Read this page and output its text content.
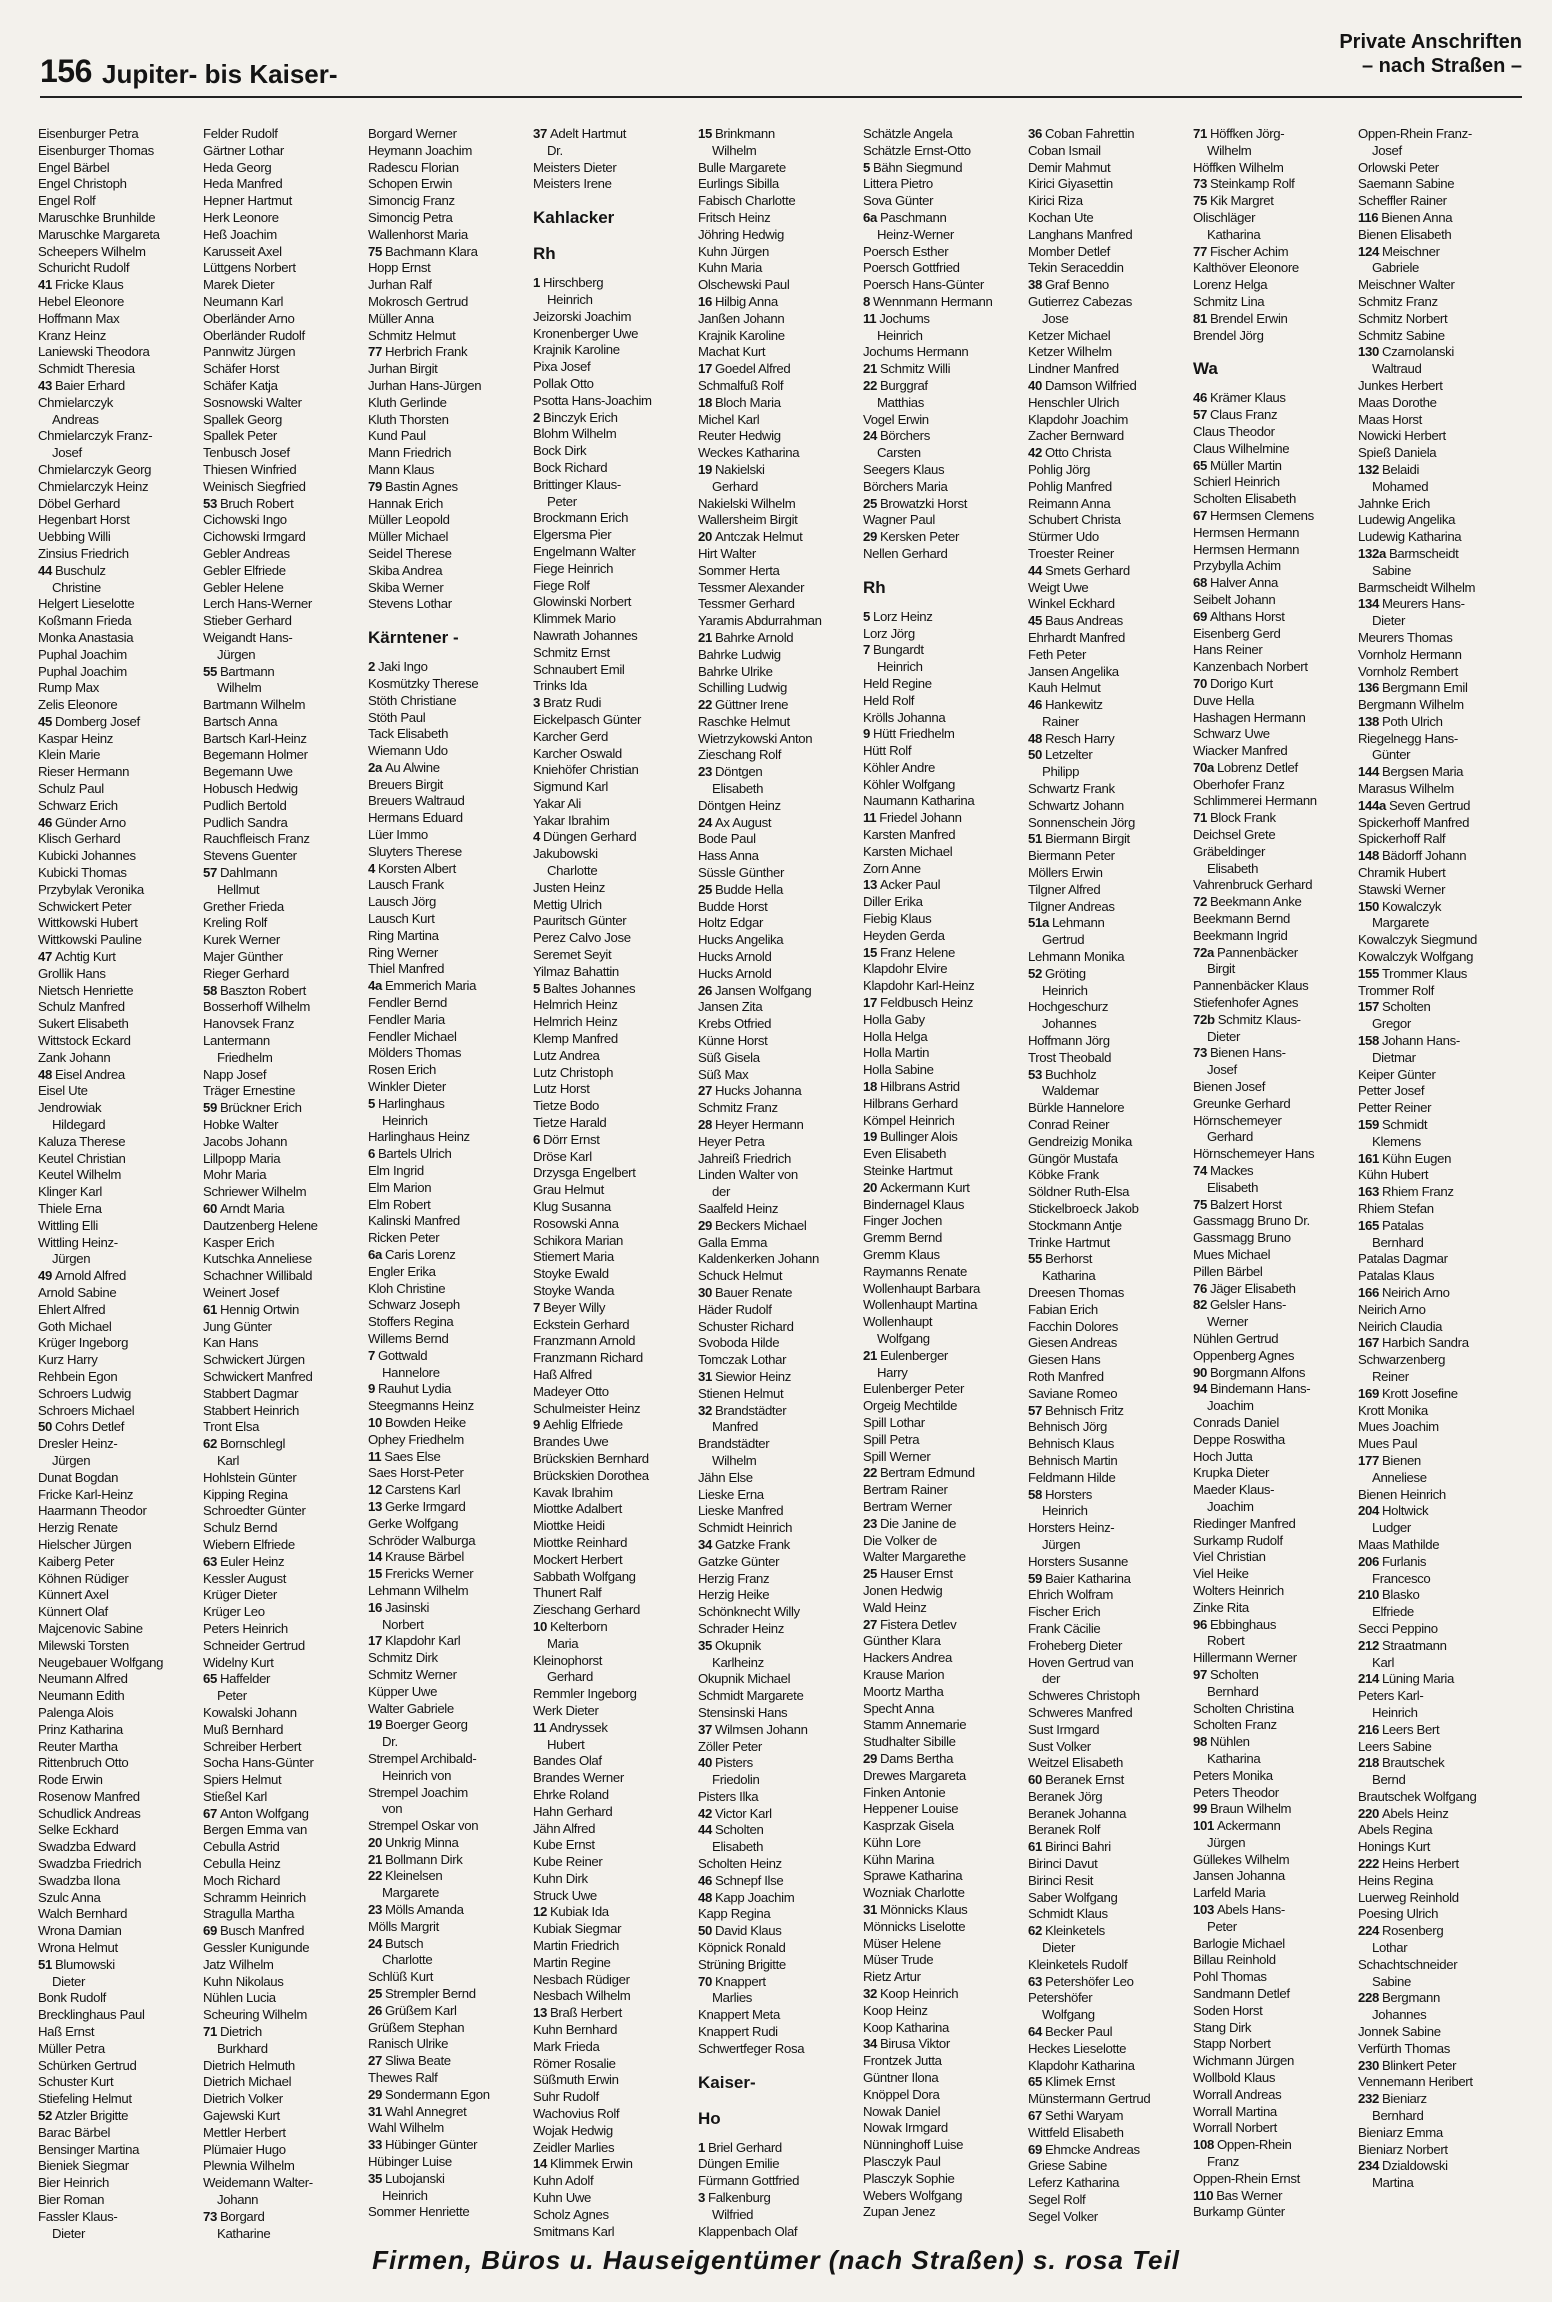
156 Jupiter- bis Kaiser-
Private Anschriften
– nach Straßen –
Eisenburger Petra
Eisenburger Thomas
Engel Bärbel
Engel Christoph
Engel Rolf
Maruschke Brunhilde
Maruschke Margareta
Scheepers Wilhelm
Schuricht Rudolf
41 Fricke Klaus
Hebel Eleonore
Hoffmann Max
Kranz Heinz
Laniewski Theodora
Schmidt Theresia
43 Baier Erhard
Chmielarczyk
Andreas
Chmielarczyk Franz-
Josef
Chmielarczyk Georg
Chmielarczyk Heinz
Döbel Gerhard
Hegenbart Horst
Uebbing Willi
Zinsius Friedrich
44 Buschulz
Christine
Helgert Lieselotte
Koßmann Frieda
Monka Anastasia
Puphal Joachim
Puphal Joachim
Rump Max
Zelis Eleonore
45 Domberg Josef
Kaspar Heinz
Klein Marie
Rieser Hermann
Schulz Paul
Schwarz Erich
46 Günder Arno
Klisch Gerhard
Kubicki Johannes
Kubicki Thomas
Przybylak Veronika
Schwickert Peter
Wittkowski Hubert
Wittkowski Pauline
47 Achtig Kurt
Grollik Hans
Nietsch Henriette
Schulz Manfred
Sukert Elisabeth
Wittstock Eckard
Zank Johann
48 Eisel Andrea
Eisel Ute
Jendrowiak
Hildegard
Kaluza Therese
Keutel Christian
Keutel Wilhelm
Klinger Karl
Thiele Erna
Wittling Elli
Wittling Heinz-
Jürgen
49 Arnold Alfred
Arnold Sabine
Ehlert Alfred
Goth Michael
Krüger Ingeborg
Kurz Harry
Rehbein Egon
Schroers Ludwig
Schroers Michael
50 Cohrs Detlef
Dresler Heinz-
Jürgen
Dunat Bogdan
Fricke Karl-Heinz
Haarmann Theodor
Herzig Renate
Hielscher Jürgen
Kaiberg Peter
Köhnen Rüdiger
Künnert Axel
Künnert Olaf
Majcenovic Sabine
Milewski Torsten
Neugebauer Wolfgang
Neumann Alfred
Neumann Edith
Palenga Alois
Prinz Katharina
Reuter Martha
Rittenbruch Otto
Rode Erwin
Rosenow Manfred
Schudlick Andreas
Selke Eckhard
Swadzba Edward
Swadzba Friedrich
Swadzba Ilona
Szulc Anna
Walch Bernhard
Wrona Damian
Wrona Helmut
51 Blumowski
Dieter
Bonk Rudolf
Brecklinghaus Paul
Haß Ernst
Müller Petra
Schürken Gertrud
Schuster Kurt
Stiefeling Helmut
52 Atzler Brigitte
Barac Bärbel
Bensinger Martina
Bieniek Siegmar
Bier Heinrich
Bier Roman
Fassler Klaus-
Dieter
Felder Rudolf
Gärtner Lothar
Heda Georg
Heda Manfred
Hepner Hartmut
Herk Leonore
Heß Joachim
Karusseit Axel
Lüttgens Norbert
Marek Dieter
Neumann Karl
Oberländer Arno
Oberländer Rudolf
Pannwitz Jürgen
Schäfer Horst
Schäfer Katja
Sosnowski Walter
Spallek Georg
Spallek Peter
Tenbusch Josef
Thiesen Winfried
Weinisch Siegfried
53 Bruch Robert
Cichowski Ingo
Cichowski Irmgard
Gebler Andreas
Gebler Elfriede
Gebler Helene
Lerch Hans-Werner
Stieber Gerhard
Weigandt Hans-
Jürgen
55 Bartmann
Wilhelm
Bartmann Wilhelm
Bartsch Anna
Bartsch Karl-Heinz
Begemann Holmer
Begemann Uwe
Hobusch Hedwig
Pudlich Bertold
Pudlich Sandra
Rauchfleisch Franz
Stevens Guenter
57 Dahlmann
Hellmut
Grether Frieda
Kreling Rolf
Kurek Werner
Majer Günther
Rieger Gerhard
58 Baszton Robert
Bosserhoff Wilhelm
Hanovsek Franz
Lantermann
Friedhelm
Napp Josef
Träger Ernestine
59 Brückner Erich
Hobke Walter
Jacobs Johann
Lillpopp Maria
Mohr Maria
Schriewer Wilhelm
60 Arndt Maria
Dautzenberg Helene
Kasper Erich
Kutschka Anneliese
Schachner Willibald
Weinert Josef
61 Hennig Ortwin
Jung Günter
Kan Hans
Schwickert Jürgen
Schwickert Manfred
Stabbert Dagmar
Stabbert Heinrich
Tront Elsa
62 Bornschlegl
Karl
Hohlstein Günter
Kipping Regina
Schroedter Günter
Schulz Bernd
Wiebern Elfriede
63 Euler Heinz
Kessler August
Krüger Dieter
Krüger Leo
Peters Heinrich
Schneider Gertrud
Widelny Kurt
65 Haffelder
Peter
Kowalski Johann
Muß Bernhard
Schreiber Herbert
Socha Hans-Günter
Spiers Helmut
Stießel Karl
67 Anton Wolfgang
Bergen Emma van
Cebulla Astrid
Cebulla Heinz
Moch Richard
Schramm Heinrich
Stragulla Martha
69 Busch Manfred
Gessler Kunigunde
Jatz Wilhelm
Kuhn Nikolaus
Nühlen Lucia
Scheuring Wilhelm
71 Dietrich
Burkhard
Dietrich Helmuth
Dietrich Michael
Dietrich Volker
Gajewski Kurt
Mettler Herbert
Plümaier Hugo
Plewnia Wilhelm
Weidemann Walter-
Johann
73 Borgard
Katharine
Borgard Werner
Heymann Joachim
Radescu Florian
Schopen Erwin
Simoncig Franz
Simoncig Petra
Wallenhorst Maria
75 Bachmann Klara
Hopp Ernst
Jurhan Ralf
Mokrosch Gertrud
Müller Anna
Schmitz Helmut
77 Herbrich Frank
Jurhan Birgit
Jurhan Hans-Jürgen
Kluth Gerlinde
Kluth Thorsten
Kund Paul
Mann Friedrich
Mann Klaus
79 Bastin Agnes
Hannak Erich
Müller Leopold
Müller Michael
Seidel Therese
Skiba Andrea
Skiba Werner
Stevens Lothar
Kärntener -
2 Jaki Ingo
Kosmützky Therese
Stöth Christiane
Stöth Paul
Tack Elisabeth
Wiemann Udo
2a Au Alwine
Breuers Birgit
Breuers Waltraud
Hermans Eduard
Lüer Immo
Sluyters Therese
4 Korsten Albert
Lausch Frank
Lausch Jörg
Lausch Kurt
Ring Martina
Ring Werner
Thiel Manfred
4a Emmerich Maria
Fendler Bernd
Fendler Maria
Fendler Michael
Mölders Thomas
Rosen Erich
Winkler Dieter
5 Harlinghaus
Heinrich
Harlinghaus Heinz
6 Bartels Ulrich
Elm Ingrid
Elm Marion
Elm Robert
Kalinski Manfred
Ricken Peter
6a Caris Lorenz
Engler Erika
Kloh Christine
Schwarz Joseph
Stoffers Regina
Willems Bernd
7 Gottwald
Hannelore
9 Rauhut Lydia
Steegmanns Heinz
10 Bowden Heike
Ophey Friedhelm
11 Saes Else
Saes Horst-Peter
12 Carstens Karl
13 Gerke Irmgard
Gerke Wolfgang
Schröder Walburga
14 Krause Bärbel
15 Frericks Werner
Lehmann Wilhelm
16 Jasinski
Norbert
17 Klapdohr Karl
Schmitz Dirk
Schmitz Werner
Küpper Uwe
Walter Gabriele
19 Boerger Georg
Dr.
Strempel Archibald-
Heinrich von
Strempel Joachim
von
Strempel Oskar von
20 Unkrig Minna
21 Bollmann Dirk
22 Kleinelsen
Margarete
23 Mölls Amanda
Mölls Margrit
24 Butsch
Charlotte
Schlüß Kurt
25 Strempler Bernd
26 Grüßem Karl
Grüßem Stephan
Ranisch Ulrike
27 Sliwa Beate
Thewes Ralf
29 Sondermann Egon
31 Wahl Annegret
Wahl Wilhelm
33 Hübinger Günter
Hübinger Luise
35 Lubojanski
Heinrich
Sommer Henriette
37 Adelt Hartmut
Dr.
Meisters Dieter
Meisters Irene
Kahlacker
Rh
1 Hirschberg
Heinrich
Jeizorski Joachim
Kronenberger Uwe
Krajnik Karoline
Pixa Josef
Pollak Otto
Psotta Hans-Joachim
2 Binczyk Erich
Blohm Wilhelm
Bock Dirk
Bock Richard
Brittinger Klaus-
Peter
Brockmann Erich
Elgersma Pier
Engelmann Walter
Fiege Heinrich
Fiege Rolf
Glowinski Norbert
Klimmek Mario
Nawrath Johannes
Schmitz Ernst
Schnaubert Emil
Trinks Ida
3 Bratz Rudi
Eickelpasch Günter
Karcher Gerd
Karcher Oswald
Kniehöfer Christian
Sigmund Karl
Yakar Ali
Yakar Ibrahim
4 Düngen Gerhard
Jakubowski
Charlotte
Justen Heinz
Mettig Ulrich
Pauritsch Günter
Perez Calvo Jose
Seremet Seyit
Yilmaz Bahattin
5 Baltes Johannes
Helmrich Heinz
Helmrich Heinz
Klemp Manfred
Lutz Andrea
Lutz Christoph
Lutz Horst
Tietze Bodo
Tietze Harald
6 Dörr Ernst
Dröse Karl
Drzysga Engelbert
Grau Helmut
Klug Susanna
Rosowski Anna
Schikora Marian
Stiemert Maria
Stoyke Ewald
Stoyke Wanda
7 Beyer Willy
Eckstein Gerhard
Franzmann Arnold
Franzmann Richard
Haß Alfred
Madeyer Otto
Schulmeister Heinz
9 Aehlig Elfriede
Brandes Uwe
Brückskien Bernhard
Brückskien Dorothea
Kavak Ibrahim
Miottke Adalbert
Miottke Heidi
Miottke Reinhard
Mockert Herbert
Sabbath Wolfgang
Thunert Ralf
Zieschang Gerhard
10 Kelterborn
Maria
Kleinophorst
Gerhard
Remmler Ingeborg
Werk Dieter
11 Andryssek
Hubert
Bandes Olaf
Brandes Werner
Ehrke Roland
Hahn Gerhard
Jähn Alfred
Kube Ernst
Kube Reiner
Kuhn Dirk
Struck Uwe
12 Kubiak Ida
Kubiak Siegmar
Martin Friedrich
Martin Regine
Nesbach Rüdiger
Nesbach Wilhelm
13 Braß Herbert
Kuhn Bernhard
Mark Frieda
Römer Rosalie
Süßmuth Erwin
Suhr Rudolf
Wachovius Rolf
Wojak Hedwig
Zeidler Marlies
14 Klimmek Erwin
Kuhn Adolf
Kuhn Uwe
Scholz Agnes
Smitmans Karl
15 Brinkmann
Wilhelm
Bulle Margarete
Eurlings Sibilla
Fabisch Charlotte
Fritsch Heinz
Jöhring Hedwig
Kuhn Jürgen
Kuhn Maria
Olschewski Paul
16 Hilbig Anna
Janßen Johann
Krajnik Karoline
Machat Kurt
17 Goedel Alfred
Schmalfuß Rolf
18 Bloch Maria
Michel Karl
Reuter Hedwig
Weckes Katharina
19 Nakielski
Gerhard
Nakielski Wilhelm
Wallersheim Birgit
20 Antczak Helmut
Hirt Walter
Sommer Herta
Tessmer Alexander
Tessmer Gerhard
Yaramis Abdurrahman
21 Bahrke Arnold
Bahrke Ludwig
Bahrke Ulrike
Schilling Ludwig
22 Güttner Irene
Raschke Helmut
Wietrzykowski Anton
Zieschang Rolf
23 Döntgen
Elisabeth
Döntgen Heinz
24 Ax August
Bode Paul
Hass Anna
Süssle Günther
25 Budde Hella
Budde Horst
Holtz Edgar
Hucks Angelika
Hucks Arnold
Hucks Arnold
26 Jansen Wolfgang
Jansen Zita
Krebs Otfried
Künne Horst
Süß Gisela
Süß Max
27 Hucks Johanna
Schmitz Franz
28 Heyer Hermann
Heyer Petra
Jahreiß Friedrich
Linden Walter von
der
Saalfeld Heinz
29 Beckers Michael
Galla Emma
Kaldenkerken Johann
Schuck Helmut
30 Bauer Renate
Häder Rudolf
Schuster Richard
Svoboda Hilde
Tomczak Lothar
31 Siewior Heinz
Stienen Helmut
32 Brandstädter
Manfred
Brandstädter
Wilhelm
Jähn Else
Lieske Erna
Lieske Manfred
Schmidt Heinrich
34 Gatzke Frank
Gatzke Günter
Herzig Franz
Herzig Heike
Schönknecht Willy
Schrader Heinz
35 Okupnik
Karlheinz
Okupnik Michael
Schmidt Margarete
Stensinski Hans
37 Wilmsen Johann
Zöller Peter
40 Pisters
Friedolin
Pisters Ilka
42 Victor Karl
44 Scholten
Elisabeth
Scholten Heinz
46 Schnepf Ilse
48 Kapp Joachim
Kapp Regina
50 David Klaus
Köpnick Ronald
Strüning Brigitte
70 Knappert
Marlies
Knappert Meta
Knappert Rudi
Schwertfeger Rosa
Kaiser-
Ho
1 Briel Gerhard
Düngen Emilie
Fürmann Gottfried
3 Falkenburg
Wilfried
Klappenbach Olaf
Schätzle Angela
Schätzle Ernst-Otto
5 Bähn Siegmund
Littera Pietro
Sova Günter
6a Paschmann
Heinz-Werner
Poersch Esther
Poersch Gottfried
Poersch Hans-Günter
8 Wennmann Hermann
11 Jochums
Heinrich
Jochums Hermann
21 Schmitz Willi
22 Burggraf
Matthias
Vogel Erwin
24 Börchers
Carsten
Seegers Klaus
Börchers Maria
25 Browatzki Horst
Wagner Paul
29 Kersken Peter
Nellen Gerhard
Rh
5 Lorz Heinz
Lorz Jörg
7 Bungardt
Heinrich
Held Regine
Held Rolf
Krölls Johanna
9 Hütt Friedhelm
Hütt Rolf
Köhler Andre
Köhler Wolfgang
Naumann Katharina
11 Friedel Johann
Karsten Manfred
Karsten Michael
Zorn Anne
13 Acker Paul
Diller Erika
Fiebig Klaus
Heyden Gerda
15 Franz Helene
Klapdohr Elvire
Klapdohr Karl-Heinz
17 Feldbusch Heinz
Holla Gaby
Holla Helga
Holla Martin
Holla Sabine
18 Hilbrans Astrid
Hilbrans Gerhard
Kömpel Heinrich
19 Bullinger Alois
Even Elisabeth
Steinke Hartmut
20 Ackermann Kurt
Bindernagel Klaus
Finger Jochen
Gremm Bernd
Gremm Klaus
Raymanns Renate
Wollenhaupt Barbara
Wollenhaupt Martina
Wollenhaupt
Wolfgang
21 Eulenberger
Harry
Eulenberger Peter
Orgeig Mechtilde
Spill Lothar
Spill Petra
Spill Werner
22 Bertram Edmund
Bertram Rainer
Bertram Werner
23 Die Janine de
Die Volker de
Walter Margarethe
25 Hauser Ernst
Jonen Hedwig
Wald Heinz
27 Fistera Detlev
Günther Klara
Hackers Andrea
Krause Marion
Moortz Martha
Specht Anna
Stamm Annemarie
Studhalter Sibille
29 Dams Bertha
Drewes Margareta
Finken Antonie
Heppener Louise
Kasprzak Gisela
Kühn Lore
Kühn Marina
Sprawe Katharina
Wozniak Charlotte
31 Mönnicks Klaus
Mönnicks Liselotte
Müser Helene
Müser Trude
Rietz Artur
32 Koop Heinrich
Koop Heinz
Koop Katharina
34 Birusa Viktor
Frontzek Jutta
Güntner Ilona
Knöppel Dora
Nowak Daniel
Nowak Irmgard
Nünninghoff Luise
Plasczyk Paul
Plasczyk Sophie
Webers Wolfgang
Zupan Jenez
36 Coban Fahrettin
Coban Ismail
Demir Mahmut
Kirici Giyasettin
Kirici Riza
Kochan Ute
Langhans Manfred
Momber Detlef
Tekin Seraceddin
38 Graf Benno
Gutierrez Cabezas
Jose
Ketzer Michael
Ketzer Wilhelm
Lindner Manfred
40 Damson Wilfried
Henschler Ulrich
Klapdohr Joachim
Zacher Bernward
42 Otto Christa
Pohlig Jörg
Pohlig Manfred
Reimann Anna
Schubert Christa
Stürmer Udo
Troester Reiner
44 Smets Gerhard
Weigt Uwe
Winkel Eckhard
45 Baus Andreas
Ehrhardt Manfred
Feth Peter
Jansen Angelika
Kauh Helmut
46 Hankewitz
Rainer
48 Resch Harry
50 Letzelter
Philipp
Schwartz Frank
Schwartz Johann
Sonnenschein Jörg
51 Biermann Birgit
Biermann Peter
Möllers Erwin
Tilgner Alfred
Tilgner Andreas
51a Lehmann
Gertrud
Lehmann Monika
52 Gröting
Heinrich
Hochgeschurz
Johannes
Hoffmann Jörg
Trost Theobald
53 Buchholz
Waldemar
Bürkle Hannelore
Conrad Reiner
Gendreizig Monika
Güngör Mustafa
Köbke Frank
Söldner Ruth-Elsa
Stickelbroeck Jakob
Stockmann Antje
Trinke Hartmut
55 Berhorst
Katharina
Dreesen Thomas
Fabian Erich
Facchin Dolores
Giesen Andreas
Giesen Hans
Roth Manfred
Saviane Romeo
57 Behnisch Fritz
Behnisch Jörg
Behnisch Klaus
Behnisch Martin
Feldmann Hilde
58 Horsters
Heinrich
Horsters Heinz-
Jürgen
Horsters Susanne
59 Baier Katharina
Ehrich Wolfram
Fischer Erich
Frank Cäcilie
Froheberg Dieter
Hoven Gertrud van
der
Schweres Christoph
Schweres Manfred
Sust Irmgard
Sust Volker
Weitzel Elisabeth
60 Beranek Ernst
Beranek Jörg
Beranek Johanna
Beranek Rolf
61 Birinci Bahri
Birinci Davut
Birinci Resit
Saber Wolfgang
Schmidt Klaus
62 Kleinketels
Dieter
Kleinketels Rudolf
63 Petershöfer Leo
Petershöfer
Wolfgang
64 Becker Paul
Heckes Lieselotte
Klapdohr Katharina
65 Klimek Ernst
Münstermann Gertrud
67 Sethi Waryam
Wittfeld Elisabeth
69 Ehmcke Andreas
Griese Sabine
Leferz Katharina
Segel Rolf
Segel Volker
71 Höffken Jörg-
Wilhelm
Höffken Wilhelm
73 Steinkamp Rolf
75 Kik Margret
Olischläger
Katharina
77 Fischer Achim
Kalthöver Eleonore
Lorenz Helga
Schmitz Lina
81 Brendel Erwin
Brendel Jörg
Wa
46 Krämer Klaus
57 Claus Franz
Claus Theodor
Claus Wilhelmine
65 Müller Martin
Schierl Heinrich
Scholten Elisabeth
67 Hermsen Clemens
Hermsen Hermann
Hermsen Hermann
Przybylla Achim
68 Halver Anna
Seibelt Johann
69 Althans Horst
Eisenberg Gerd
Hans Reiner
Kanzenbach Norbert
70 Dorigo Kurt
Duve Hella
Hashagen Hermann
Schwarz Uwe
Wiacker Manfred
70a Lobrenz Detlef
Oberhofer Franz
Schlimmerei Hermann
71 Block Frank
Deichsel Grete
Gräbeldinger
Elisabeth
Vahrenbruck Gerhard
72 Beekmann Anke
Beekmann Bernd
Beekmann Ingrid
72a Pannenbäcker
Birgit
Pannenbäcker Klaus
Stiefenhofer Agnes
72b Schmitz Klaus-
Dieter
73 Bienen Hans-
Josef
Bienen Josef
Greunke Gerhard
Hörnschemeyer
Gerhard
Hörnschemeyer Hans
74 Mackes
Elisabeth
75 Balzert Horst
Gassmagg Bruno Dr.
Gassmagg Bruno
Mues Michael
Pillen Bärbel
76 Jäger Elisabeth
82 Gelsler Hans-
Werner
Nühlen Gertrud
Oppenberg Agnes
90 Borgmann Alfons
94 Bindemann Hans-
Joachim
Conrads Daniel
Deppe Roswitha
Hoch Jutta
Krupka Dieter
Maeder Klaus-
Joachim
Riedinger Manfred
Surkamp Rudolf
Viel Christian
Viel Heike
Wolters Heinrich
Zinke Rita
96 Ebbinghaus
Robert
Hillermann Werner
97 Scholten
Bernhard
Scholten Christina
Scholten Franz
98 Nühlen
Katharina
Peters Monika
Peters Theodor
99 Braun Wilhelm
101 Ackermann
Jürgen
Güllekes Wilhelm
Jansen Johanna
Larfeld Maria
103 Abels Hans-
Peter
Barlogie Michael
Billau Reinhold
Pohl Thomas
Sandmann Detlef
Soden Horst
Stang Dirk
Stapp Norbert
Wichmann Jürgen
Wollbold Klaus
Worrall Andreas
Worrall Martina
Worrall Norbert
108 Oppen-Rhein
Franz
Oppen-Rhein Ernst
110 Bas Werner
Burkamp Günter
Oppen-Rhein Franz-
Josef
Orlowski Peter
Saemann Sabine
Scheffler Rainer
116 Bienen Anna
Bienen Elisabeth
124 Meischner
Gabriele
Meischner Walter
Schmitz Franz
Schmitz Norbert
Schmitz Sabine
130 Czarnolanski
Waltraud
Junkes Herbert
Maas Dorothe
Maas Horst
Nowicki Herbert
Spieß Daniela
132 Belaidi
Mohamed
Jahnke Erich
Ludewig Angelika
Ludewig Katharina
132a Barmscheidt
Sabine
Barmscheidt Wilhelm
134 Meurers Hans-
Dieter
Meurers Thomas
Vornholz Hermann
Vornholz Rembert
136 Bergmann Emil
Bergmann Wilhelm
138 Poth Ulrich
Riegelnegg Hans-
Günter
144 Bergsen Maria
Marasus Wilhelm
144a Seven Gertrud
Spickerhoff Manfred
Spickerhoff Ralf
148 Bädorff Johann
Chramik Hubert
Stawski Werner
150 Kowalczyk
Margarete
Kowalczyk Siegmund
Kowalczyk Wolfgang
155 Trommer Klaus
Trommer Rolf
157 Scholten
Gregor
158 Johann Hans-
Dietmar
Keiper Günter
Petter Josef
Petter Reiner
159 Schmidt
Klemens
161 Kühn Eugen
Kühn Hubert
163 Rhiem Franz
Rhiem Stefan
165 Patalas
Bernhard
Patalas Dagmar
Patalas Klaus
166 Neirich Arno
Neirich Arno
Neirich Claudia
167 Harbich Sandra
Schwarzenberg
Reiner
169 Krott Josefine
Krott Monika
Mues Joachim
Mues Paul
177 Bienen
Anneliese
Bienen Heinrich
204 Holtwick
Ludger
Maas Mathilde
206 Furlanis
Francesco
210 Blasko
Elfriede
Secci Peppino
212 Straatmann
Karl
214 Lüning Maria
Peters Karl-
Heinrich
216 Leers Bert
Leers Sabine
218 Brautschek
Bernd
Brautschek Wolfgang
220 Abels Heinz
Abels Regina
Honings Kurt
222 Heins Herbert
Heins Regina
Luerweg Reinhold
Poesing Ulrich
224 Rosenberg
Lothar
Schachtschneider
Sabine
228 Bergmann
Johannes
Jonnek Sabine
Verfürth Thomas
230 Blinkert Peter
Vennemann Heribert
232 Bieniarz
Bernhard
Bieniarz Emma
Bieniarz Norbert
234 Dzialdowski
Martina
Firmen, Büros u. Hauseigentümer (nach Straßen) s. rosa Teil
